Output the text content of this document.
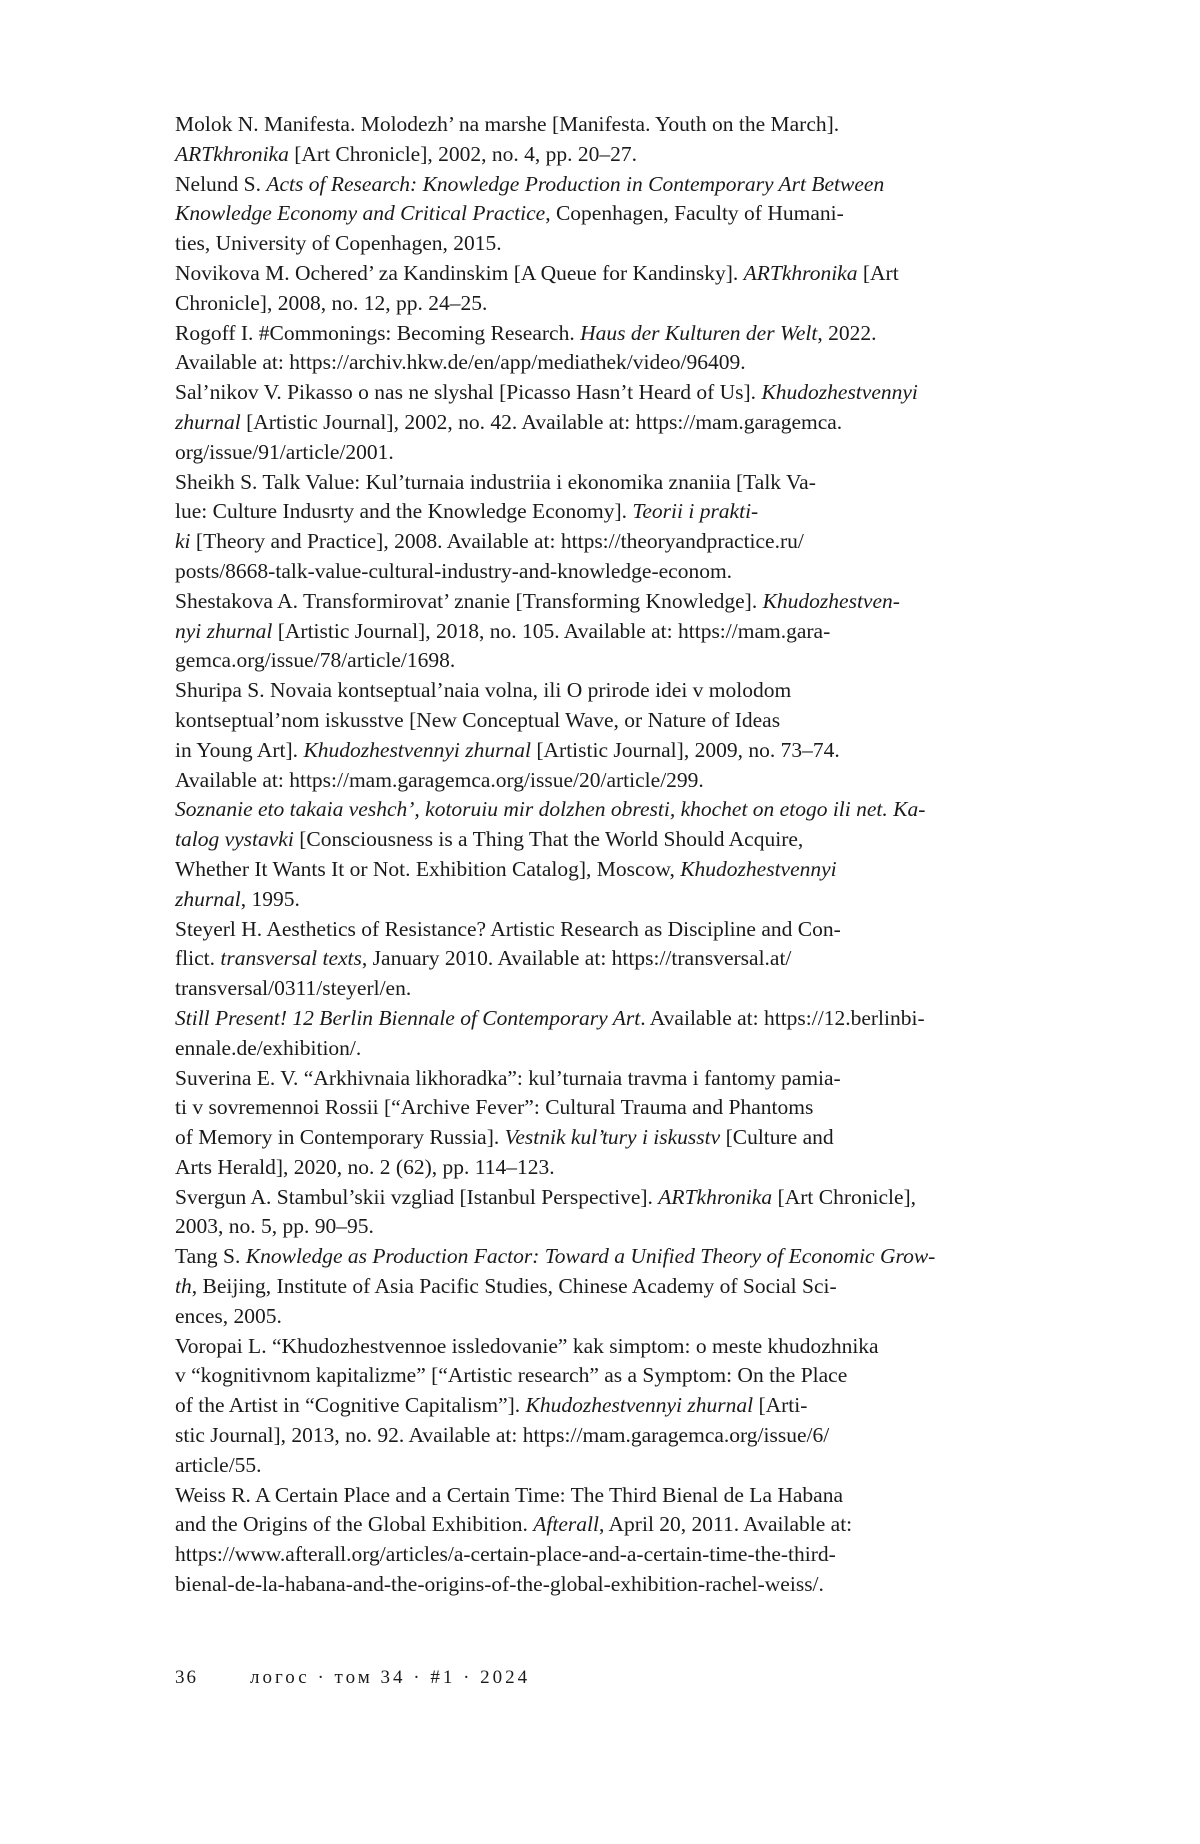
Molok N. Manifesta. Molodezh’ na marshe [Manifesta. Youth on the March].
ARTkhronika [Art Chronicle], 2002, no. 4, pp. 20–27.

Nelund S. Acts of Research: Knowledge Production in Contemporary Art Between
Knowledge Economy and Critical Practice, Copenhagen, Faculty of Humani-
ties, University of Copenhagen, 2015.

Novikova M. Ochered’ za Kandinskim [A Queue for Kandinsky]. ARTkhronika [Art
Chronicle], 2008, no. 12, pp. 24–25.

Rogoff I. #Commonings: Becoming Research. Haus der Kulturen der Welt, 2022.
Available at: https://archiv.hkw.de/en/app/mediathek/video/96409.

Sal’nikov V. Pikasso o nas ne slyshal [Picasso Hasn’t Heard of Us]. Khudozhestvennyi
zhurnal [Artistic Journal], 2002, no. 42. Available at: https://mam.garagemca.
org/issue/91/article/2001.

Sheikh S. Talk Value: Kul’turnaia industriia i ekonomika znaniia [Talk Va-
lue: Culture Indusrty and the Knowledge Economy]. Teorii i prakti-
ki [Theory and Practice], 2008. Available at: https://theoryandpractice.ru/
posts/8668-talk-value-cultural-industry-and-knowledge-econom.

Shestakova A. Transformirovat’ znanie [Transforming Knowledge]. Khudozhestven-
nyi zhurnal [Artistic Journal], 2018, no. 105. Available at: https://mam.gara-
gemca.org/issue/78/article/1698.

Shuripa S. Novaia kontseptual’naia volna, ili O prirode idei v molodom
kontseptual’nom iskusstve [New Conceptual Wave, or Nature of Ideas
in Young Art]. Khudozhestvennyi zhurnal [Artistic Journal], 2009, no. 73–74.
Available at: https://mam.garagemca.org/issue/20/article/299.

Soznanie eto takaia veshch’, kotoruiu mir dolzhen obresti, khochet on etogo ili net. Ka-
talog vystavki [Consciousness is a Thing That the World Should Acquire,
Whether It Wants It or Not. Exhibition Catalog], Moscow, Khudozhestvennyi
zhurnal, 1995.

Steyerl H. Aesthetics of Resistance? Artistic Research as Discipline and Con-
flict. transversal texts, January 2010. Available at: https://transversal.at/
transversal/0311/steyerl/en.

Still Present! 12 Berlin Biennale of Contemporary Art. Available at: https://12.berlinbi-
ennale.de/exhibition/.

Suverina E. V. “Arkhivnaia likhoradka”: kul’turnaia travma i fantomy pamia-
ti v sovremennoi Rossii [“Archive Fever”: Cultural Trauma and Phantoms
of Memory in Contemporary Russia]. Vestnik kul’tury i iskusstv [Culture and
Arts Herald], 2020, no. 2 (62), pp. 114–123.

Svergun A. Stambul’skii vzgliad [Istanbul Perspective]. ARTkhronika [Art Chronicle],
2003, no. 5, pp. 90–95.

Tang S. Knowledge as Production Factor: Toward a Unified Theory of Economic Grow-
th, Beijing, Institute of Asia Pacific Studies, Chinese Academy of Social Sci-
ences, 2005.

Voropai L. “Khudozhestvennoe issledovanie” kak simptom: o meste khudozhnika
v “kognitivnom kapitalizme” [“Artistic research” as a Symptom: On the Place
of the Artist in “Cognitive Capitalism”]. Khudozhestvennyi zhurnal [Arti-
stic Journal], 2013, no. 92. Available at: https://mam.garagemca.org/issue/6/
article/55.

Weiss R. A Certain Place and a Certain Time: The Third Bienal de La Habana
and the Origins of the Global Exhibition. Afterall, April 20, 2011. Available at:
https://www.afterall.org/articles/a-certain-place-and-a-certain-time-the-third-
bienal-de-la-habana-and-the-origins-of-the-global-exhibition-rachel-weiss/.

36	логос · том 34 · #1 · 2024
